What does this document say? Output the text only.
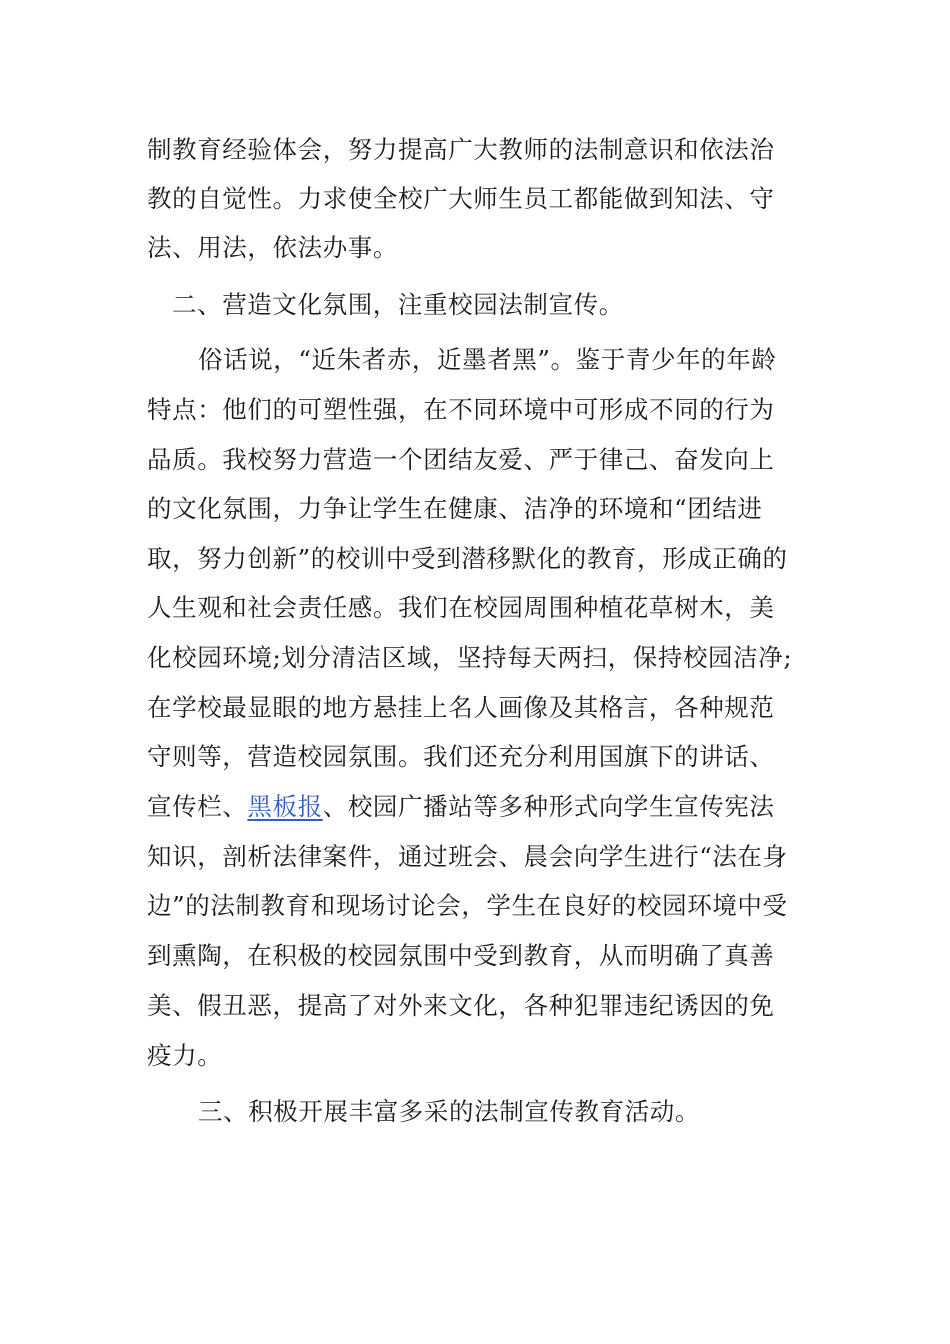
制教育经验体会，努力提高广大教师的法制意识和依法治
教的自觉性。力求使全校广大师生员工都能做到知法、守
法、用法，依法办事。
二、营造文化氛围，注重校园法制宣传。
俗话说，“近朱者赤，近墨者黑”。鉴于青少年的年龄
特点：他们的可塑性强，在不同环境中可形成不同的行为
品质。我校努力营造一个团结友爱、严于律己、奋发向上
的文化氛围，力争让学生在健康、洁净的环境和“团结进
取，努力创新”的校训中受到潜移默化的教育，形成正确的
人生观和社会责任感。我们在校园周围种植花草树木，美
化校园环境;划分清洁区域，坚持每天两扫，保持校园洁净;
在学校最显眼的地方悬挂上名人画像及其格言，各种规范
守则等，营造校园氛围。我们还充分利用国旗下的讲话、
宣传栏、黑板报、校园广播站等多种形式向学生宣传宪法
知识，剖析法律案件，通过班会、晨会向学生进行“法在身
边”的法制教育和现场讨论会，学生在良好的校园环境中受
到熏陶，在积极的校园氛围中受到教育，从而明确了真善
美、假丑恶，提高了对外来文化，各种犯罪违纪诱因的免
疫力。
三、积极开展丰富多采的法制宣传教育活动。
